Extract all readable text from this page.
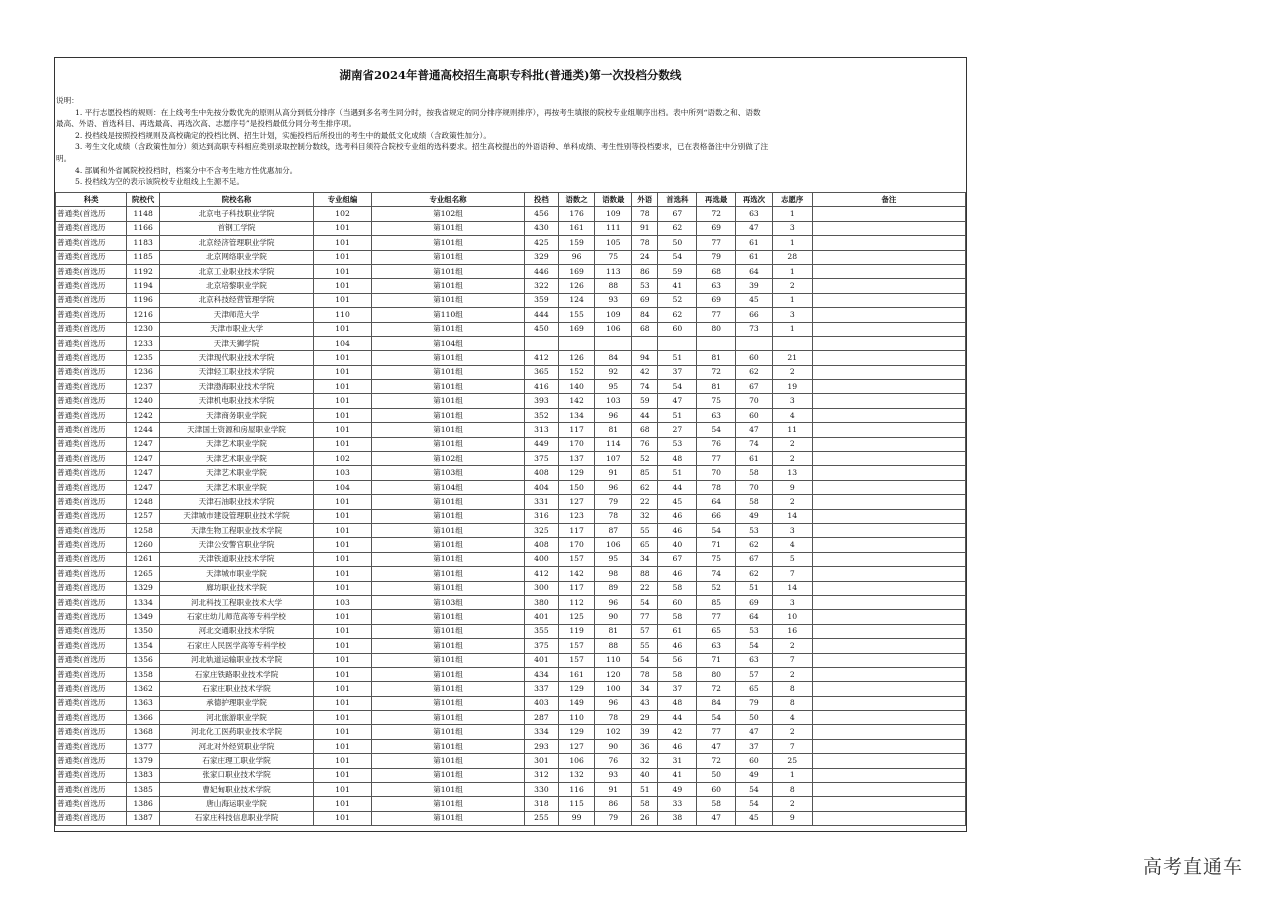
湖南省2024年普通高校招生高职专科批(普通类)第一次投档分数线
说明：
1. 平行志愿投档的规则：在上线考生中先按分数优先的原则从高分到低分排序（当遇到多名考生同分时，按我省规定的同分排序规则排序），再按考生填报的院校专业组顺序出档。表中所列“语数之和、语数
最高、外语、首选科目、再选最高、再选次高、志愿序号”是投档最低分同分考生排序项。
2. 投档线是按照投档规则及高校确定的投档比例、招生计划，实施投档后所投出的考生中的最低文化成绩（含政策性加分）。
3. 考生文化成绩（含政策性加分）须达到高职专科相应类别录取控制分数线，选考科目须符合院校专业组的选科要求。招生高校提出的外语语种、单科成绩、考生性别等投档要求，已在表格备注中分别做了注
明。
4. 部属和外省属院校投档时，档案分中不含考生地方性优惠加分。
5. 投档线为空的表示该院校专业组线上生源不足。
科类	院校代	院校名称	专业组编	专业组名称	投档	语数之	语数最	外语	首选科	再选最	再选次	志愿序	备注
普通类(首选历	1148	北京电子科技职业学院	102	第102组	456	176	109	78	67	72	63	1	
普通类(首选历	1166	首钢工学院	101	第101组	430	161	111	91	62	69	47	3	
普通类(首选历	1183	北京经济管理职业学院	101	第101组	425	159	105	78	50	77	61	1	
普通类(首选历	1185	北京网络职业学院	101	第101组	329	96	75	24	54	79	61	28	
普通类(首选历	1192	北京工业职业技术学院	101	第101组	446	169	113	86	59	68	64	1	
普通类(首选历	1194	北京培黎职业学院	101	第101组	322	126	88	53	41	63	39	2	
普通类(首选历	1196	北京科技经营管理学院	101	第101组	359	124	93	69	52	69	45	1	
普通类(首选历	1216	天津师范大学	110	第110组	444	155	109	84	62	77	66	3	
普通类(首选历	1230	天津市职业大学	101	第101组	450	169	106	68	60	80	73	1	
普通类(首选历	1233	天津天狮学院	104	第104组									
普通类(首选历	1235	天津现代职业技术学院	101	第101组	412	126	84	94	51	81	60	21	
普通类(首选历	1236	天津轻工职业技术学院	101	第101组	365	152	92	42	37	72	62	2	
普通类(首选历	1237	天津渤海职业技术学院	101	第101组	416	140	95	74	54	81	67	19	
普通类(首选历	1240	天津机电职业技术学院	101	第101组	393	142	103	59	47	75	70	3	
普通类(首选历	1242	天津商务职业学院	101	第101组	352	134	96	44	51	63	60	4	
普通类(首选历	1244	天津国土资源和房屋职业学院	101	第101组	313	117	81	68	27	54	47	11	
普通类(首选历	1247	天津艺术职业学院	101	第101组	449	170	114	76	53	76	74	2	
普通类(首选历	1247	天津艺术职业学院	102	第102组	375	137	107	52	48	77	61	2	
普通类(首选历	1247	天津艺术职业学院	103	第103组	408	129	91	85	51	70	58	13	
普通类(首选历	1247	天津艺术职业学院	104	第104组	404	150	96	62	44	78	70	9	
普通类(首选历	1248	天津石油职业技术学院	101	第101组	331	127	79	22	45	64	58	2	
普通类(首选历	1257	天津城市建设管理职业技术学院	101	第101组	316	123	78	32	46	66	49	14	
普通类(首选历	1258	天津生物工程职业技术学院	101	第101组	325	117	87	55	46	54	53	3	
普通类(首选历	1260	天津公安警官职业学院	101	第101组	408	170	106	65	40	71	62	4	
普通类(首选历	1261	天津铁道职业技术学院	101	第101组	400	157	95	34	67	75	67	5	
普通类(首选历	1265	天津城市职业学院	101	第101组	412	142	98	88	46	74	62	7	
普通类(首选历	1329	廊坊职业技术学院	101	第101组	300	117	89	22	58	52	51	14	
普通类(首选历	1334	河北科技工程职业技术大学	103	第103组	380	112	96	54	60	85	69	3	
普通类(首选历	1349	石家庄幼儿师范高等专科学校	101	第101组	401	125	90	77	58	77	64	10	
普通类(首选历	1350	河北交通职业技术学院	101	第101组	355	119	81	57	61	65	53	16	
普通类(首选历	1354	石家庄人民医学高等专科学校	101	第101组	375	157	88	55	46	63	54	2	
普通类(首选历	1356	河北轨道运输职业技术学院	101	第101组	401	157	110	54	56	71	63	7	
普通类(首选历	1358	石家庄铁路职业技术学院	101	第101组	434	161	120	78	58	80	57	2	
普通类(首选历	1362	石家庄职业技术学院	101	第101组	337	129	100	34	37	72	65	8	
普通类(首选历	1363	承德护理职业学院	101	第101组	403	149	96	43	48	84	79	8	
普通类(首选历	1366	河北旅游职业学院	101	第101组	287	110	78	29	44	54	50	4	
普通类(首选历	1368	河北化工医药职业技术学院	101	第101组	334	129	102	39	42	77	47	2	
普通类(首选历	1377	河北对外经贸职业学院	101	第101组	293	127	90	36	46	47	37	7	
普通类(首选历	1379	石家庄理工职业学院	101	第101组	301	106	76	32	31	72	60	25	
普通类(首选历	1383	张家口职业技术学院	101	第101组	312	132	93	40	41	50	49	1	
普通类(首选历	1385	曹妃甸职业技术学院	101	第101组	330	116	91	51	49	60	54	8	
普通类(首选历	1386	唐山海运职业学院	101	第101组	318	115	86	58	33	58	54	2	
普通类(首选历	1387	石家庄科技信息职业学院	101	第101组	255	99	79	26	38	47	45	9	
高考直通车
